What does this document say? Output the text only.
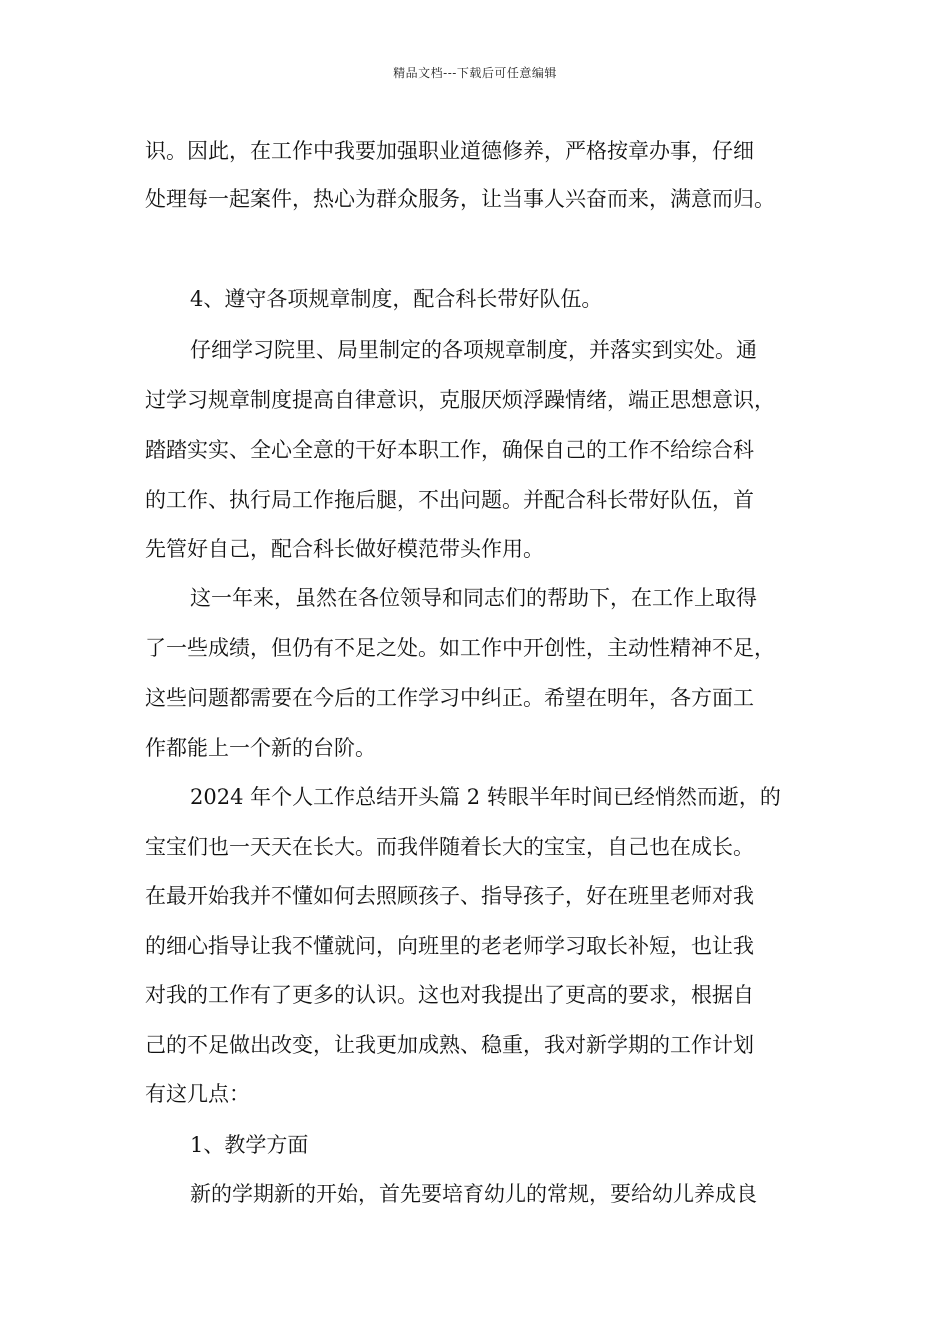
精品文档---下载后可任意编辑
识。因此，在工作中我要加强职业道德修养，严格按章办事，仔细
处理每一起案件，热心为群众服务，让当事人兴奋而来，满意而归。
4、遵守各项规章制度，配合科长带好队伍。
仔细学习院里、局里制定的各项规章制度，并落实到实处。通
过学习规章制度提高自律意识，克服厌烦浮躁情绪，端正思想意识，
踏踏实实、全心全意的干好本职工作，确保自己的工作不给综合科
的工作、执行局工作拖后腿，不出问题。并配合科长带好队伍，首
先管好自己，配合科长做好模范带头作用。
这一年来，虽然在各位领导和同志们的帮助下，在工作上取得
了一些成绩，但仍有不足之处。如工作中开创性，主动性精神不足，
这些问题都需要在今后的工作学习中纠正。希望在明年，各方面工
作都能上一个新的台阶。
2024 年个人工作总结开头篇 2 转眼半年时间已经悄然而逝，的
宝宝们也一天天在长大。而我伴随着长大的宝宝，自己也在成长。
在最开始我并不懂如何去照顾孩子、指导孩子，好在班里老师对我
的细心指导让我不懂就问，向班里的老老师学习取长补短，也让我
对我的工作有了更多的认识。这也对我提出了更高的要求，根据自
己的不足做出改变，让我更加成熟、稳重，我对新学期的工作计划
有这几点：
1、教学方面
新的学期新的开始，首先要培育幼儿的常规，要给幼儿养成良
